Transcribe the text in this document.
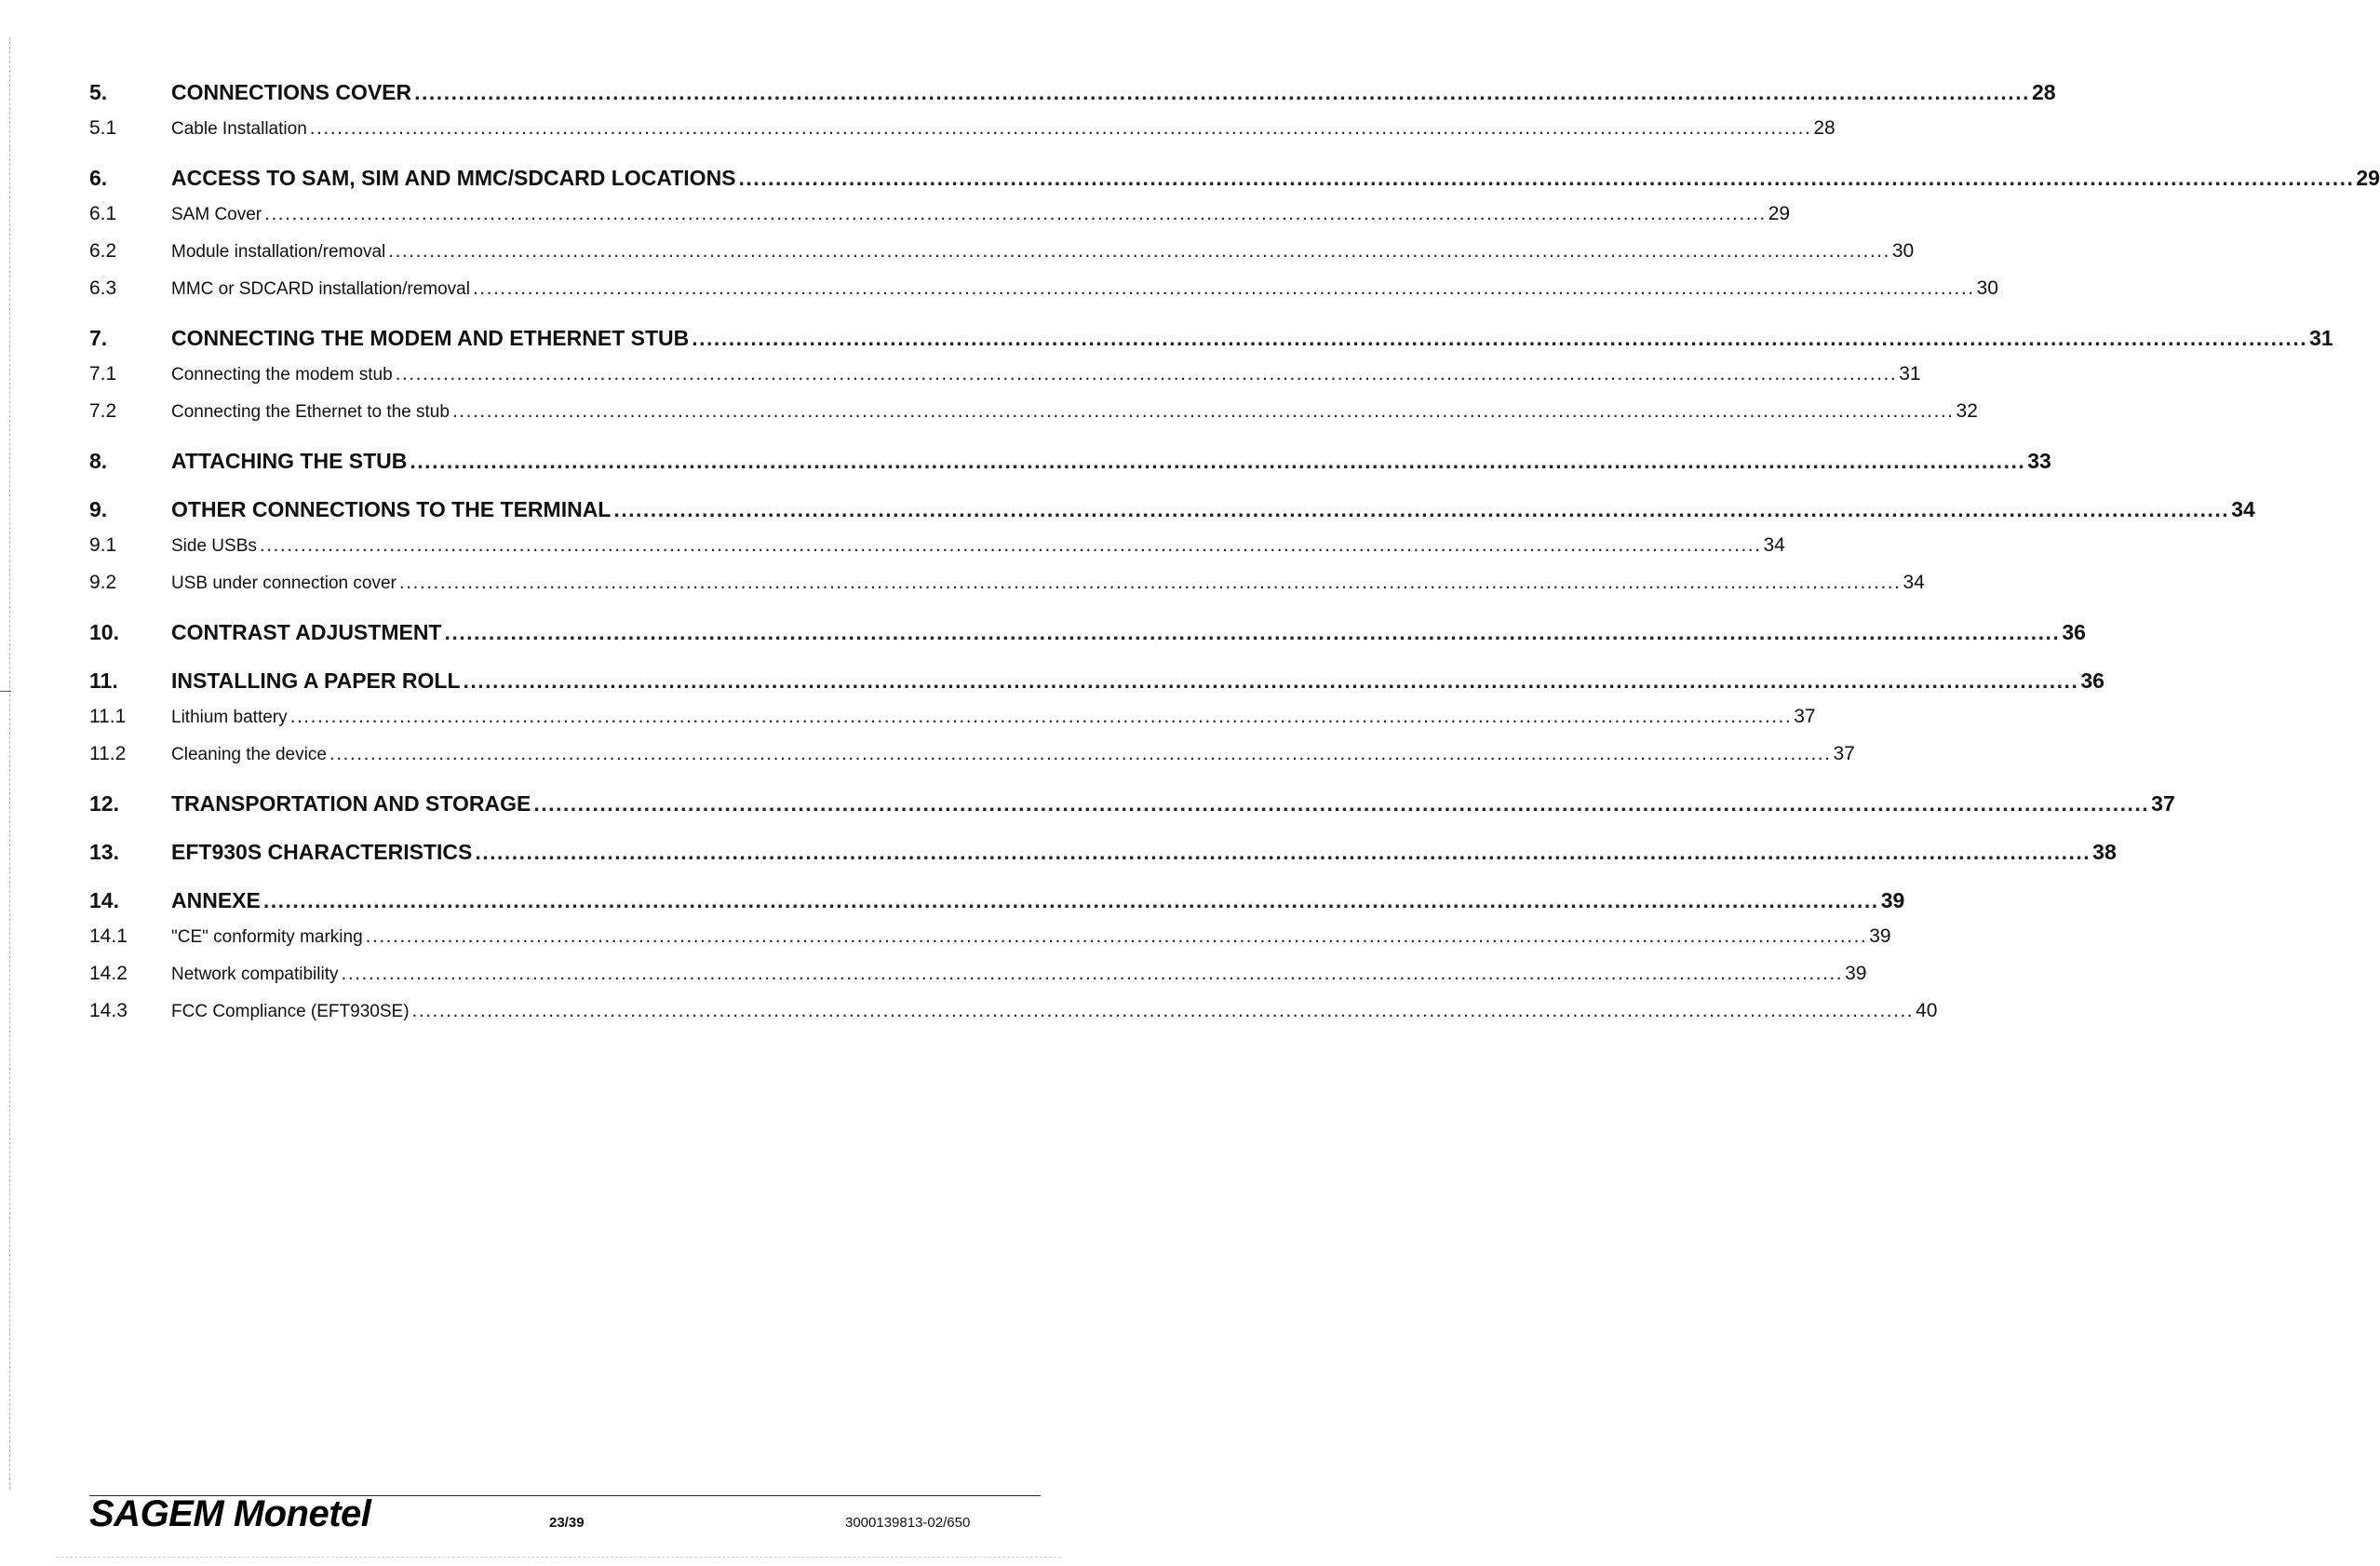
5.	CONNECTIONS COVER ............................................................................................................................................................................................................................ 28
5.1	Cable Installation ............................................................................................................................................................................................................................ 28
6.	ACCESS TO SAM, SIM AND MMC/SDCARD LOCATIONS ............................................................................................................................................................................................................................ 29
6.1	SAM Cover ............................................................................................................................................................................................................................ 29
6.2	Module installation/removal ............................................................................................................................................................................................................................ 30
6.3	MMC or SDCARD installation/removal ............................................................................................................................................................................................................................ 30
7.	CONNECTING THE MODEM AND ETHERNET STUB ............................................................................................................................................................................................................................ 31
7.1	Connecting the modem stub ............................................................................................................................................................................................................................ 31
7.2	Connecting the Ethernet to the stub ............................................................................................................................................................................................................................ 32
8.	ATTACHING THE STUB ............................................................................................................................................................................................................................ 33
9.	OTHER CONNECTIONS TO THE TERMINAL ............................................................................................................................................................................................................................ 34
9.1	Side USBs ............................................................................................................................................................................................................................ 34
9.2	USB under connection cover ............................................................................................................................................................................................................................ 34
10.	CONTRAST ADJUSTMENT ............................................................................................................................................................................................................................ 36
11.	INSTALLING A PAPER ROLL ............................................................................................................................................................................................................................ 36
11.1	Lithium battery ............................................................................................................................................................................................................................ 37
11.2	Cleaning the device ............................................................................................................................................................................................................................ 37
12.	TRANSPORTATION AND STORAGE ............................................................................................................................................................................................................................ 37
13.	EFT930S CHARACTERISTICS ............................................................................................................................................................................................................................ 38
14.	ANNEXE ............................................................................................................................................................................................................................ 39
14.1	"CE" conformity marking ............................................................................................................................................................................................................................ 39
14.2	Network compatibility ............................................................................................................................................................................................................................ 39
14.3	FCC Compliance (EFT930SE) ............................................................................................................................................................................................................................ 40
SAGEM Monetel	23/39	3000139813-02/650
